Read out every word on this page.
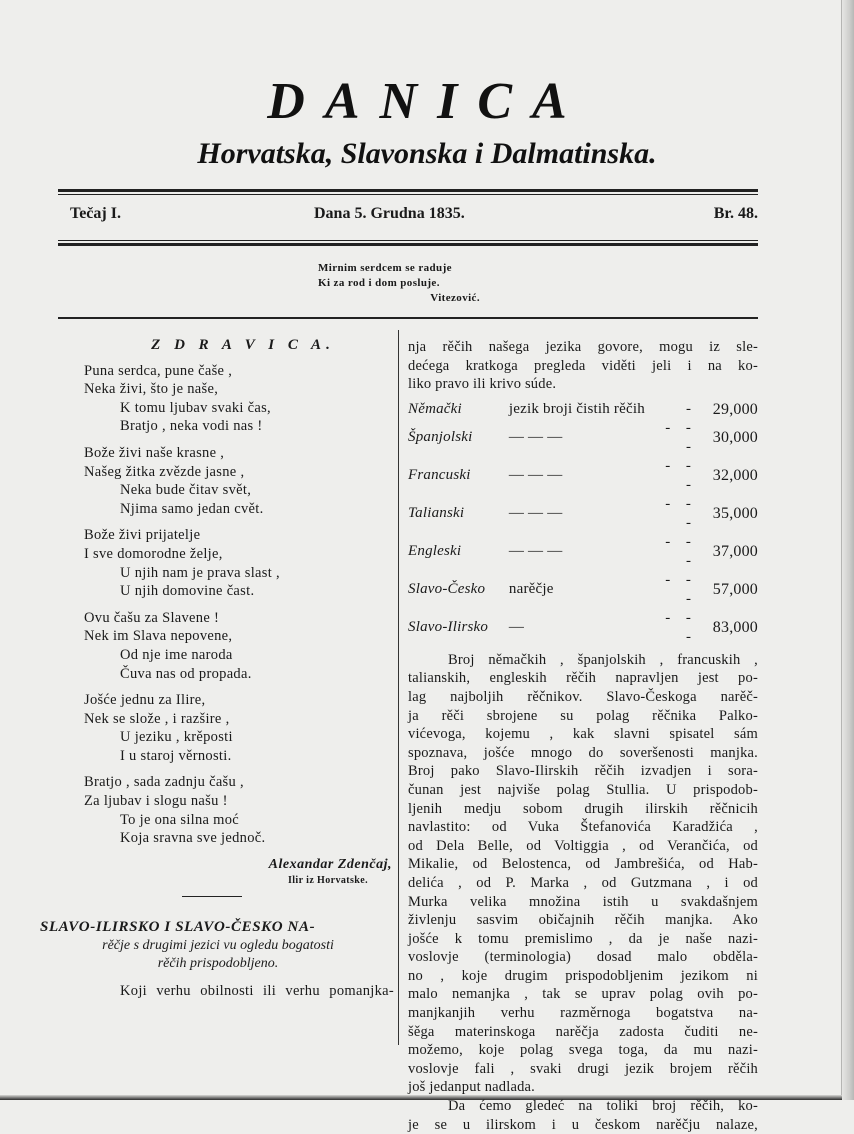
DANICA
Horvatska, Slavonska i Dalmatinska.
Tečaj I.	Dana 5. Grudna 1835.	Br. 48.
Mirnim serdcem se raduje
Ki za rod i dom posluje.
Vitezović.
Z D R A V I C A.
Puna serdca, pune čaše ,
Neka živi, što je naše,
K tomu ljubav svaki čas,
Bratjo , neka vodi nas !
Bože živi naše krasne ,
Našeg žitka zvězde jasne ,
Neka bude čitav svět,
Njima samo jedan cvět.
Bože živi prijatelje
I sve domorodne želje,
U njih nam je prava slast ,
U njih domovine čast.
Ovu čašu za Slavene !
Nek im Slava nepovene,
Od nje ime naroda
Čuva nas od propada.
Jošće jednu za Ilire,
Nek se slože , i razšire ,
U jeziku , krěposti
I u staroj věrnosti.
Bratjo , sada zadnju čašu ,
Za ljubav i slogu našu !
To je ona silna moć
Koja sravna sve jednoč.
Alexandar Zdenčaj,
Ilir iz Horvatske.
SLAVO-ILIRSKO I SLAVO-ČESKO NA-
rěčje s drugimi jezici vu ogledu bogatosti
rěčih prispodobljeno.
Koji verhu obilnosti ili verhu pomanjka-
nja rěčih našega jezika govore, mogu iz sle-
dećega kratkoga pregleda viděti jeli i na ko-
liko pravo ili krivo súde.
Němački	jezik broji čistih rěčih	-	29,000
Španjolski	— — —	- - -	30,000
Francuski	— — —	- - -	32,000
Talianski	— — —	- - -	35,000
Engleski	— — —	- - -	37,000
Slavo-Česko	narěčje	- - -	57,000
Slavo-Ilirsko	—	- - -	83,000
Broj němačkih , španjolskih , francuskih ,
talianskih, engleskih rěčih napravljen jest po-
lag najboljih rěčnikov. Slavo-Českoga narěč-
ja rěči sbrojene su polag rěčnika Palko-
vićevoga, kojemu , kak slavni spisatel sám
spoznava, jošće mnogo do soveršenosti manjka.
Broj pako Slavo-Ilirskih rěčih izvadjen i sora-
čunan jest najviše polag Stullia. U prispodob-
ljenih medju sobom drugih ilirskih rěčnicih
navlastito: od Vuka Štefanovića Karadžića ,
od Dela Belle, od Voltiggia , od Verančića, od
Mikalie, od Belostenca, od Jambrešića, od Hab-
delića , od P. Marka , od Gutzmana , i od
Murka velika množina istih u svakdašnjem
živlenju sasvim običajnih rěčih manjka. Ako
jošće k tomu premislimo , da je naše nazi-
voslovje (terminologia) dosad malo obděla-
no , koje drugim prispodobljenim jezikom ni
malo nemanjka , tak se uprav polag ovih po-
manjkanjih verhu razměrnoga bogatstva na-
šěga materinskoga narěčja zadosta čuditi ne-
možemo, koje polag svega toga, da mu nazi-
voslovje fali , svaki drugi jezik brojem rěčih
još jedanput nadlada.
Da ćemo gledeć na toliki broj rěčih, ko-
je se u ilirskom i u českom narěčju nalaze,
